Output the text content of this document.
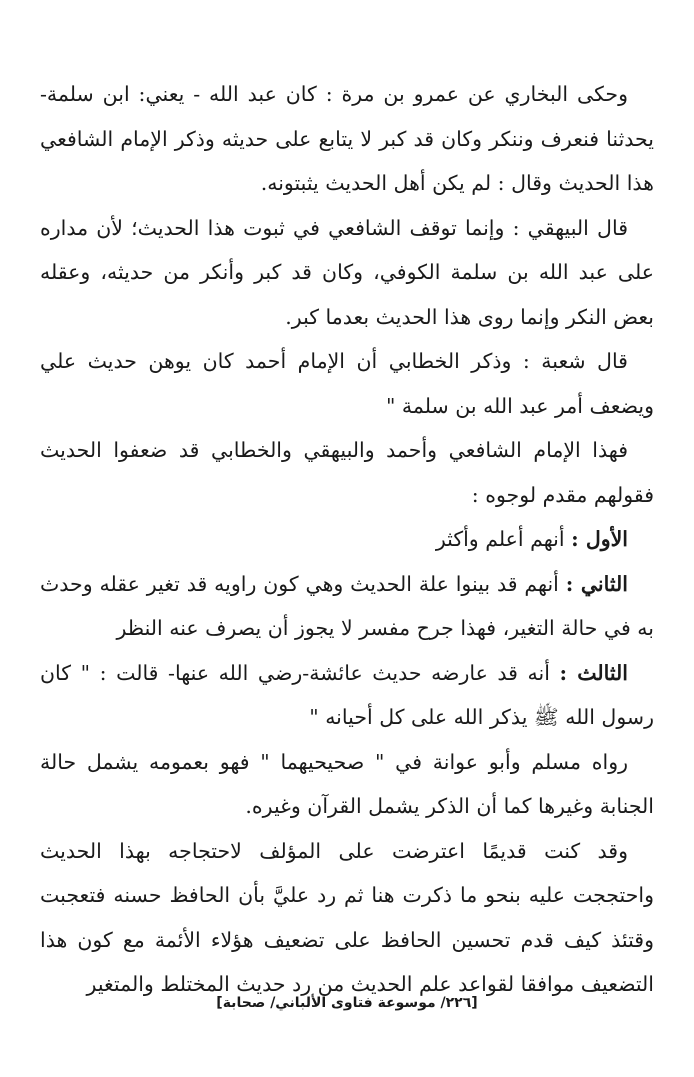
وحكى البخاري عن عمرو بن مرة : كان عبد الله - يعني: ابن سلمة- يحدثنا فنعرف وننكر وكان قد كبر لا يتابع على حديثه وذكر الإمام الشافعي هذا الحديث وقال : لم يكن أهل الحديث يثبتونه.

قال البيهقي : وإنما توقف الشافعي في ثبوت هذا الحديث؛ لأن مداره على عبد الله بن سلمة الكوفي، وكان قد كبر وأنكر من حديثه، وعقله بعض النكر وإنما روى هذا الحديث بعدما كبر.

قال شعبة : وذكر الخطابي أن الإمام أحمد كان يوهن حديث علي ويضعف أمر عبد الله بن سلمة "

فهذا الإمام الشافعي وأحمد والبيهقي والخطابي قد ضعفوا الحديث فقولهم مقدم لوجوه :

الأول : أنهم أعلم وأكثر

الثاني : أنهم قد بينوا علة الحديث وهي كون راويه قد تغير عقله وحدث به في حالة التغير، فهذا جرح مفسر لا يجوز أن يصرف عنه النظر

الثالث : أنه قد عارضه حديث عائشة-رضي الله عنها- قالت : " كان رسول الله ﷺ يذكر الله على كل أحيانه "

رواه مسلم وأبو عوانة في " صحيحيهما " فهو بعمومه يشمل حالة الجنابة وغيرها كما أن الذكر يشمل القرآن وغيره.

وقد كنت قديمًا اعترضت على المؤلف لاحتجاجه بهذا الحديث واحتججت عليه بنحو ما ذكرت هنا ثم رد عليَّ بأن الحافظ حسنه فتعجبت وقتئذ كيف قدم تحسين الحافظ على تضعيف هؤلاء الأئمة مع كون هذا التضعيف موافقا لقواعد علم الحديث من رد حديث المختلط والمتغير

[٢٢٦/ موسوعة فتاوى الألباني/ صحابة]
